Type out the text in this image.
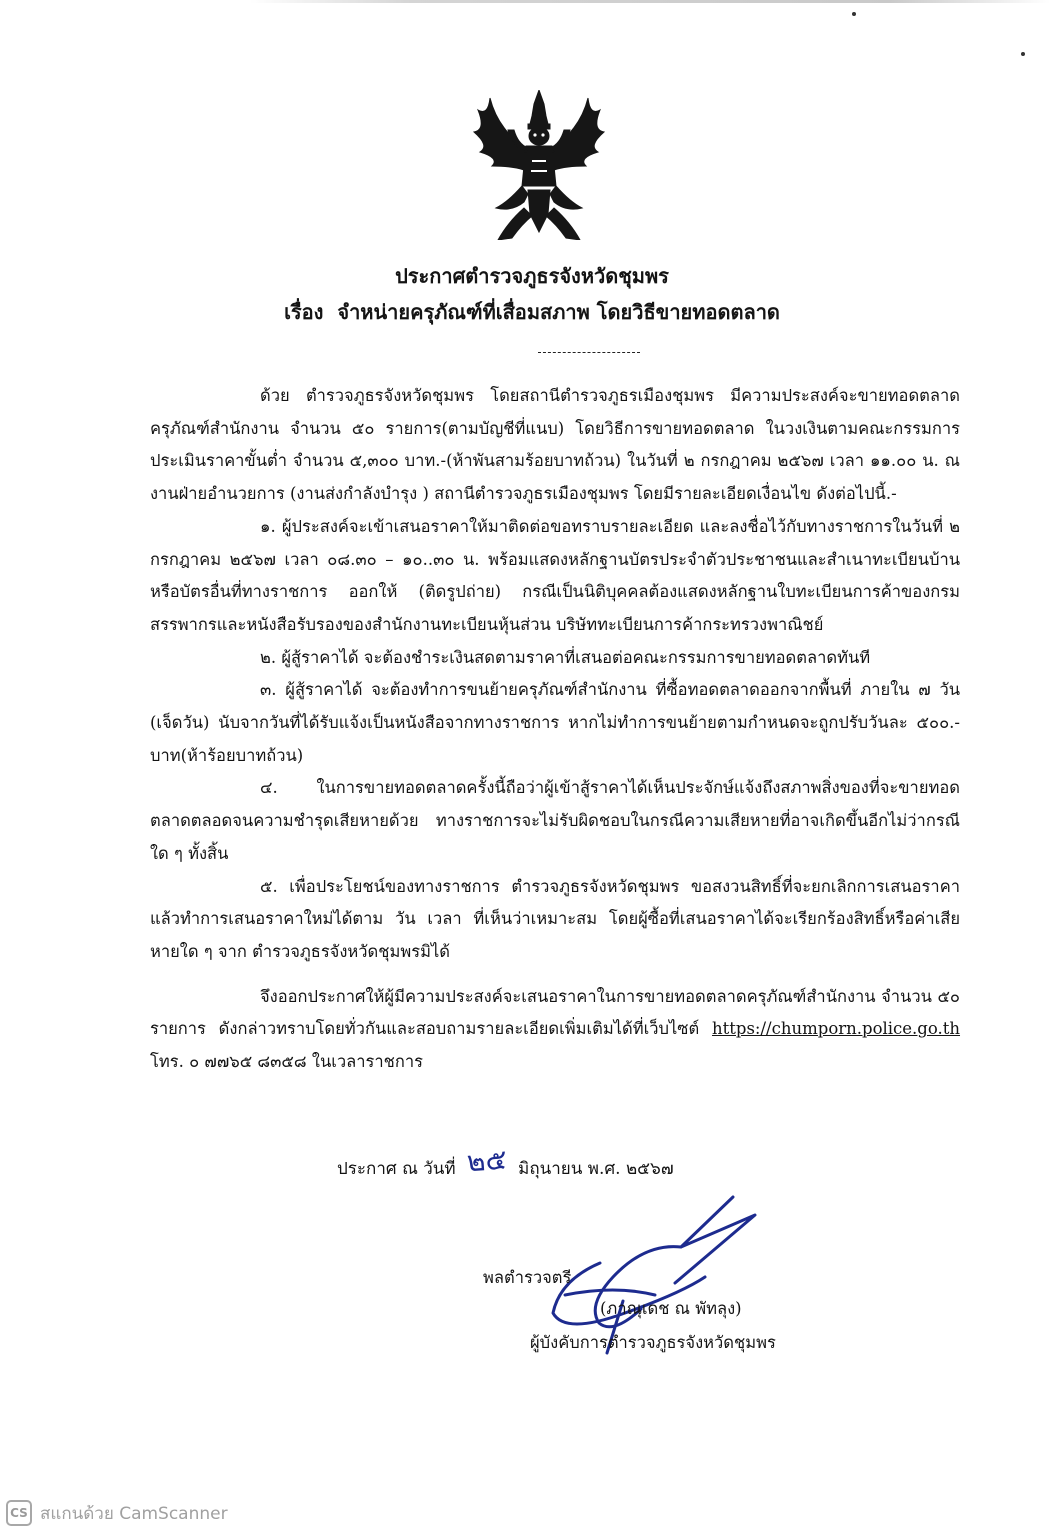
ประกาศตำรวจภูธรจังหวัดชุมพร
เรื่อง จำหน่ายครุภัณฑ์ที่เสื่อมสภาพ โดยวิธีขายทอดตลาด

ด้วย ตำรวจภูธรจังหวัดชุมพร โดยสถานีตำรวจภูธรเมืองชุมพร มีความประสงค์จะขายทอดตลาดครุภัณฑ์สำนักงาน จำนวน ๕๐ รายการ(ตามบัญชีที่แนบ) โดยวิธีการขายทอดตลาด ในวงเงินตามคณะกรรมการประเมินราคาขั้นต่ำ จำนวน ๕,๓๐๐ บาท.-(ห้าพันสามร้อยบาทถ้วน) ในวันที่ ๒ กรกฎาคม ๒๕๖๗ เวลา ๑๑.๐๐ น. ณ งานฝ่ายอำนวยการ (งานส่งกำลังบำรุง ) สถานีตำรวจภูธรเมืองชุมพร โดยมีรายละเอียดเงื่อนไข ดังต่อไปนี้.-

๑. ผู้ประสงค์จะเข้าเสนอราคาให้มาติดต่อขอทราบรายละเอียด และลงชื่อไว้กับทางราชการในวันที่ ๒ กรกฎาคม ๒๕๖๗ เวลา ๐๘.๓๐ – ๑๐..๓๐ น. พร้อมแสดงหลักฐานบัตรประจำตัวประชาชนและสำเนาทะเบียนบ้าน หรือบัตรอื่นที่ทางราชการ ออกให้ (ติดรูปถ่าย) กรณีเป็นนิติบุคคลต้องแสดงหลักฐานใบทะเบียนการค้าของกรมสรรพากรและหนังสือรับรองของสำนักงานทะเบียนหุ้นส่วน บริษัททะเบียนการค้ากระทรวงพาณิชย์

๒. ผู้สู้ราคาได้ จะต้องชำระเงินสดตามราคาที่เสนอต่อคณะกรรมการขายทอดตลาดทันที

๓. ผู้สู้ราคาได้ จะต้องทำการขนย้ายครุภัณฑ์สำนักงาน ที่ซื้อทอดตลาดออกจากพื้นที่ ภายใน ๗ วัน (เจ็ดวัน) นับจากวันที่ได้รับแจ้งเป็นหนังสือจากทางราชการ หากไม่ทำการขนย้ายตามกำหนดจะถูกปรับวันละ ๕๐๐.-บาท(ห้าร้อยบาทถ้วน)

๔. ในการขายทอดตลาดครั้งนี้ถือว่าผู้เข้าสู้ราคาได้เห็นประจักษ์แจ้งถึงสภาพสิ่งของที่จะขายทอดตลาดตลอดจนความชำรุดเสียหายด้วย ทางราชการจะไม่รับผิดชอบในกรณีความเสียหายที่อาจเกิดขึ้นอีกไม่ว่ากรณีใด ๆ ทั้งสิ้น

๕. เพื่อประโยชน์ของทางราชการ ตำรวจภูธรจังหวัดชุมพร ขอสงวนสิทธิ์ที่จะยกเลิกการเสนอราคาแล้วทำการเสนอราคาใหม่ได้ตาม วัน เวลา ที่เห็นว่าเหมาะสม โดยผู้ซื้อที่เสนอราคาได้จะเรียกร้องสิทธิ์หรือค่าเสียหายใด ๆ จาก ตำรวจภูธรจังหวัดชุมพรมิได้

จึงออกประกาศให้ผู้มีความประสงค์จะเสนอราคาในการขายทอดตลาดครุภัณฑ์สำนักงาน จำนวน ๕๐ รายการ ดังกล่าวทราบโดยทั่วกันและสอบถามรายละเอียดเพิ่มเติมได้ที่เว็บไซต์ https://chumporn.police.go.th โทร. ๐ ๗๗๖๕ ๘๓๕๘ ในเวลาราชการ

ประกาศ ณ วันที่ ๒๕ มิถุนายน พ.ศ. ๒๕๖๗
พลตำรวจตรี
(ภาณุเดช ณ พัทลุง)
ผู้บังคับการตำรวจภูธรจังหวัดชุมพร
CS สแกนด้วย CamScanner
